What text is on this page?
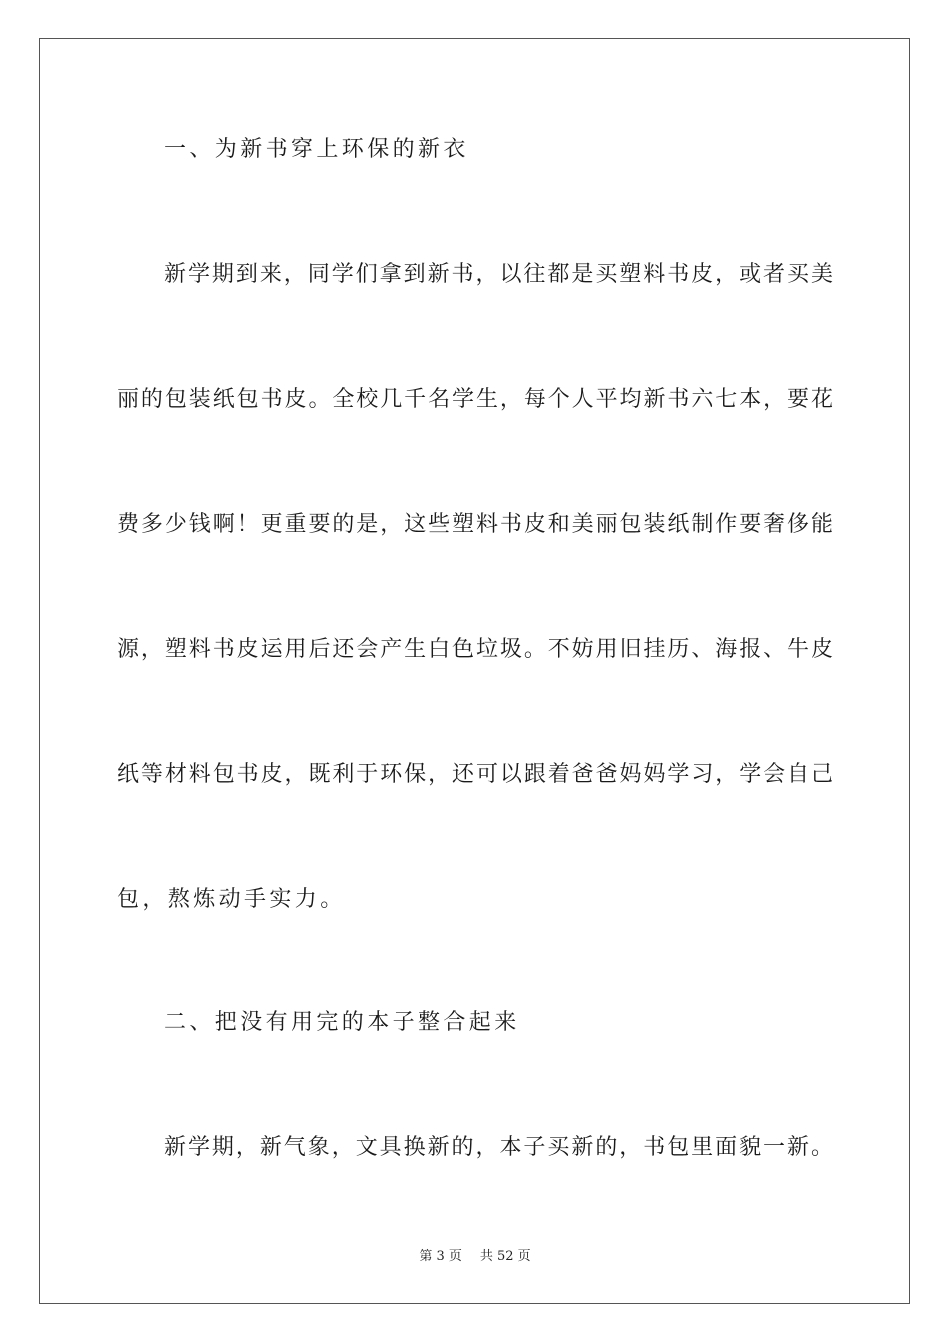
一、为新书穿上环保的新衣
新学期到来，同学们拿到新书，以往都是买塑料书皮，或者买美
丽的包装纸包书皮。全校几千名学生，每个人平均新书六七本，要花
费多少钱啊！更重要的是，这些塑料书皮和美丽包装纸制作要奢侈能
源，塑料书皮运用后还会产生白色垃圾。不妨用旧挂历、海报、牛皮
纸等材料包书皮，既利于环保，还可以跟着爸爸妈妈学习，学会自己
包，熬炼动手实力。
二、把没有用完的本子整合起来
新学期，新气象，文具换新的，本子买新的，书包里面貌一新。
第 3 页 共 52 页
